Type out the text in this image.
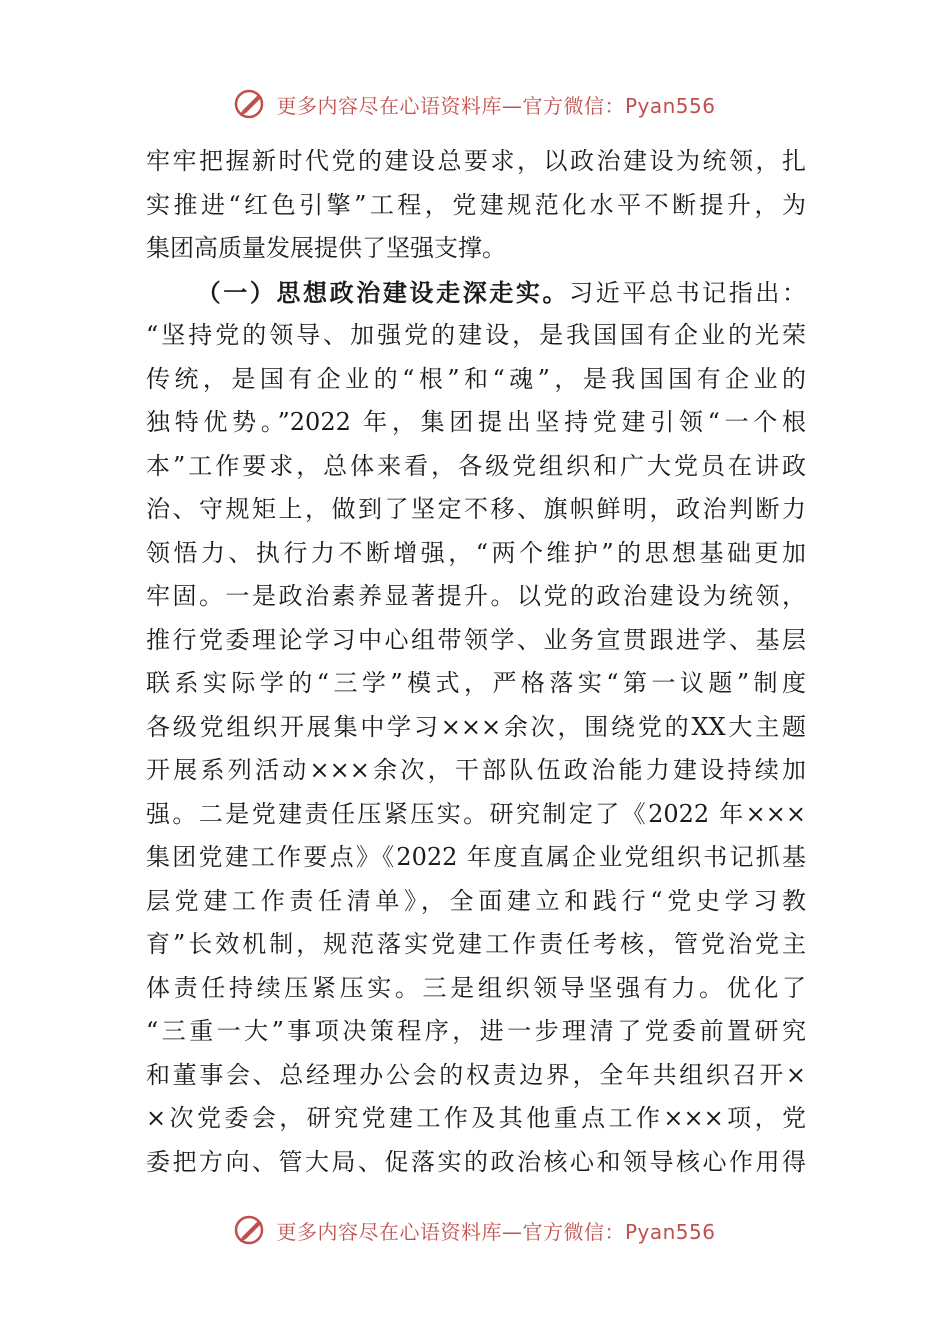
更多内容尽在心语资料库—官方微信：Pyan556
牢牢把握新时代党的建设总要求，以政治建设为统领，扎
实推进“红色引擎”工程，党建规范化水平不断提升，为
集团高质量发展提供了坚强支撑。
（一）思想政治建设走深走实。习近平总书记指出：
“坚持党的领导、加强党的建设，是我国国有企业的光荣
传统，是国有企业的“根”和“魂”，是我国国有企业的
独特优势。”2022 年，集团提出坚持党建引领“一个根
本”工作要求，总体来看，各级党组织和广大党员在讲政
治、守规矩上，做到了坚定不移、旗帜鲜明，政治判断力
领悟力、执行力不断增强，“两个维护”的思想基础更加
牢固。一是政治素养显著提升。以党的政治建设为统领，
推行党委理论学习中心组带领学、业务宣贯跟进学、基层
联系实际学的“三学”模式，严格落实“第一议题”制度
各级党组织开展集中学习×××余次，围绕党的XX大主题
开展系列活动×××余次，干部队伍政治能力建设持续加
强。二是党建责任压紧压实。研究制定了《2022 年×××
集团党建工作要点》《2022 年度直属企业党组织书记抓基
层党建工作责任清单》，全面建立和践行“党史学习教
育”长效机制，规范落实党建工作责任考核，管党治党主
体责任持续压紧压实。三是组织领导坚强有力。优化了
“三重一大”事项决策程序，进一步理清了党委前置研究
和董事会、总经理办公会的权责边界，全年共组织召开×
×次党委会，研究党建工作及其他重点工作×××项，党
委把方向、管大局、促落实的政治核心和领导核心作用得
更多内容尽在心语资料库—官方微信：Pyan556
